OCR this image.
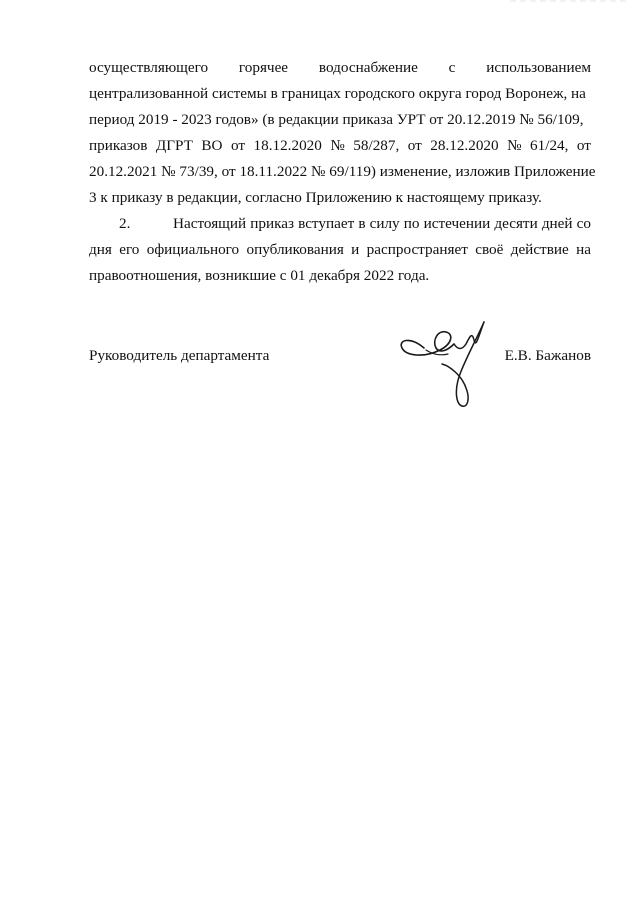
осуществляющего горячее водоснабжение с использованием
централизованной системы в границах городского округа город Воронеж, на
период 2019 - 2023 годов» (в редакции приказа УРТ от 20.12.2019 № 56/109,
приказов ДГРТ ВО от 18.12.2020 № 58/287, от 28.12.2020 № 61/24, от
20.12.2021 № 73/39, от 18.11.2022 № 69/119) изменение, изложив Приложение
3 к приказу в редакции, согласно Приложению к настоящему приказу.
2.	Настоящий приказ вступает в силу по истечении десяти дней со
дня его официального опубликования и распространяет своё действие на
правоотношения, возникшие с 01 декабря 2022 года.
Руководитель департамента	Е.В. Бажанов
